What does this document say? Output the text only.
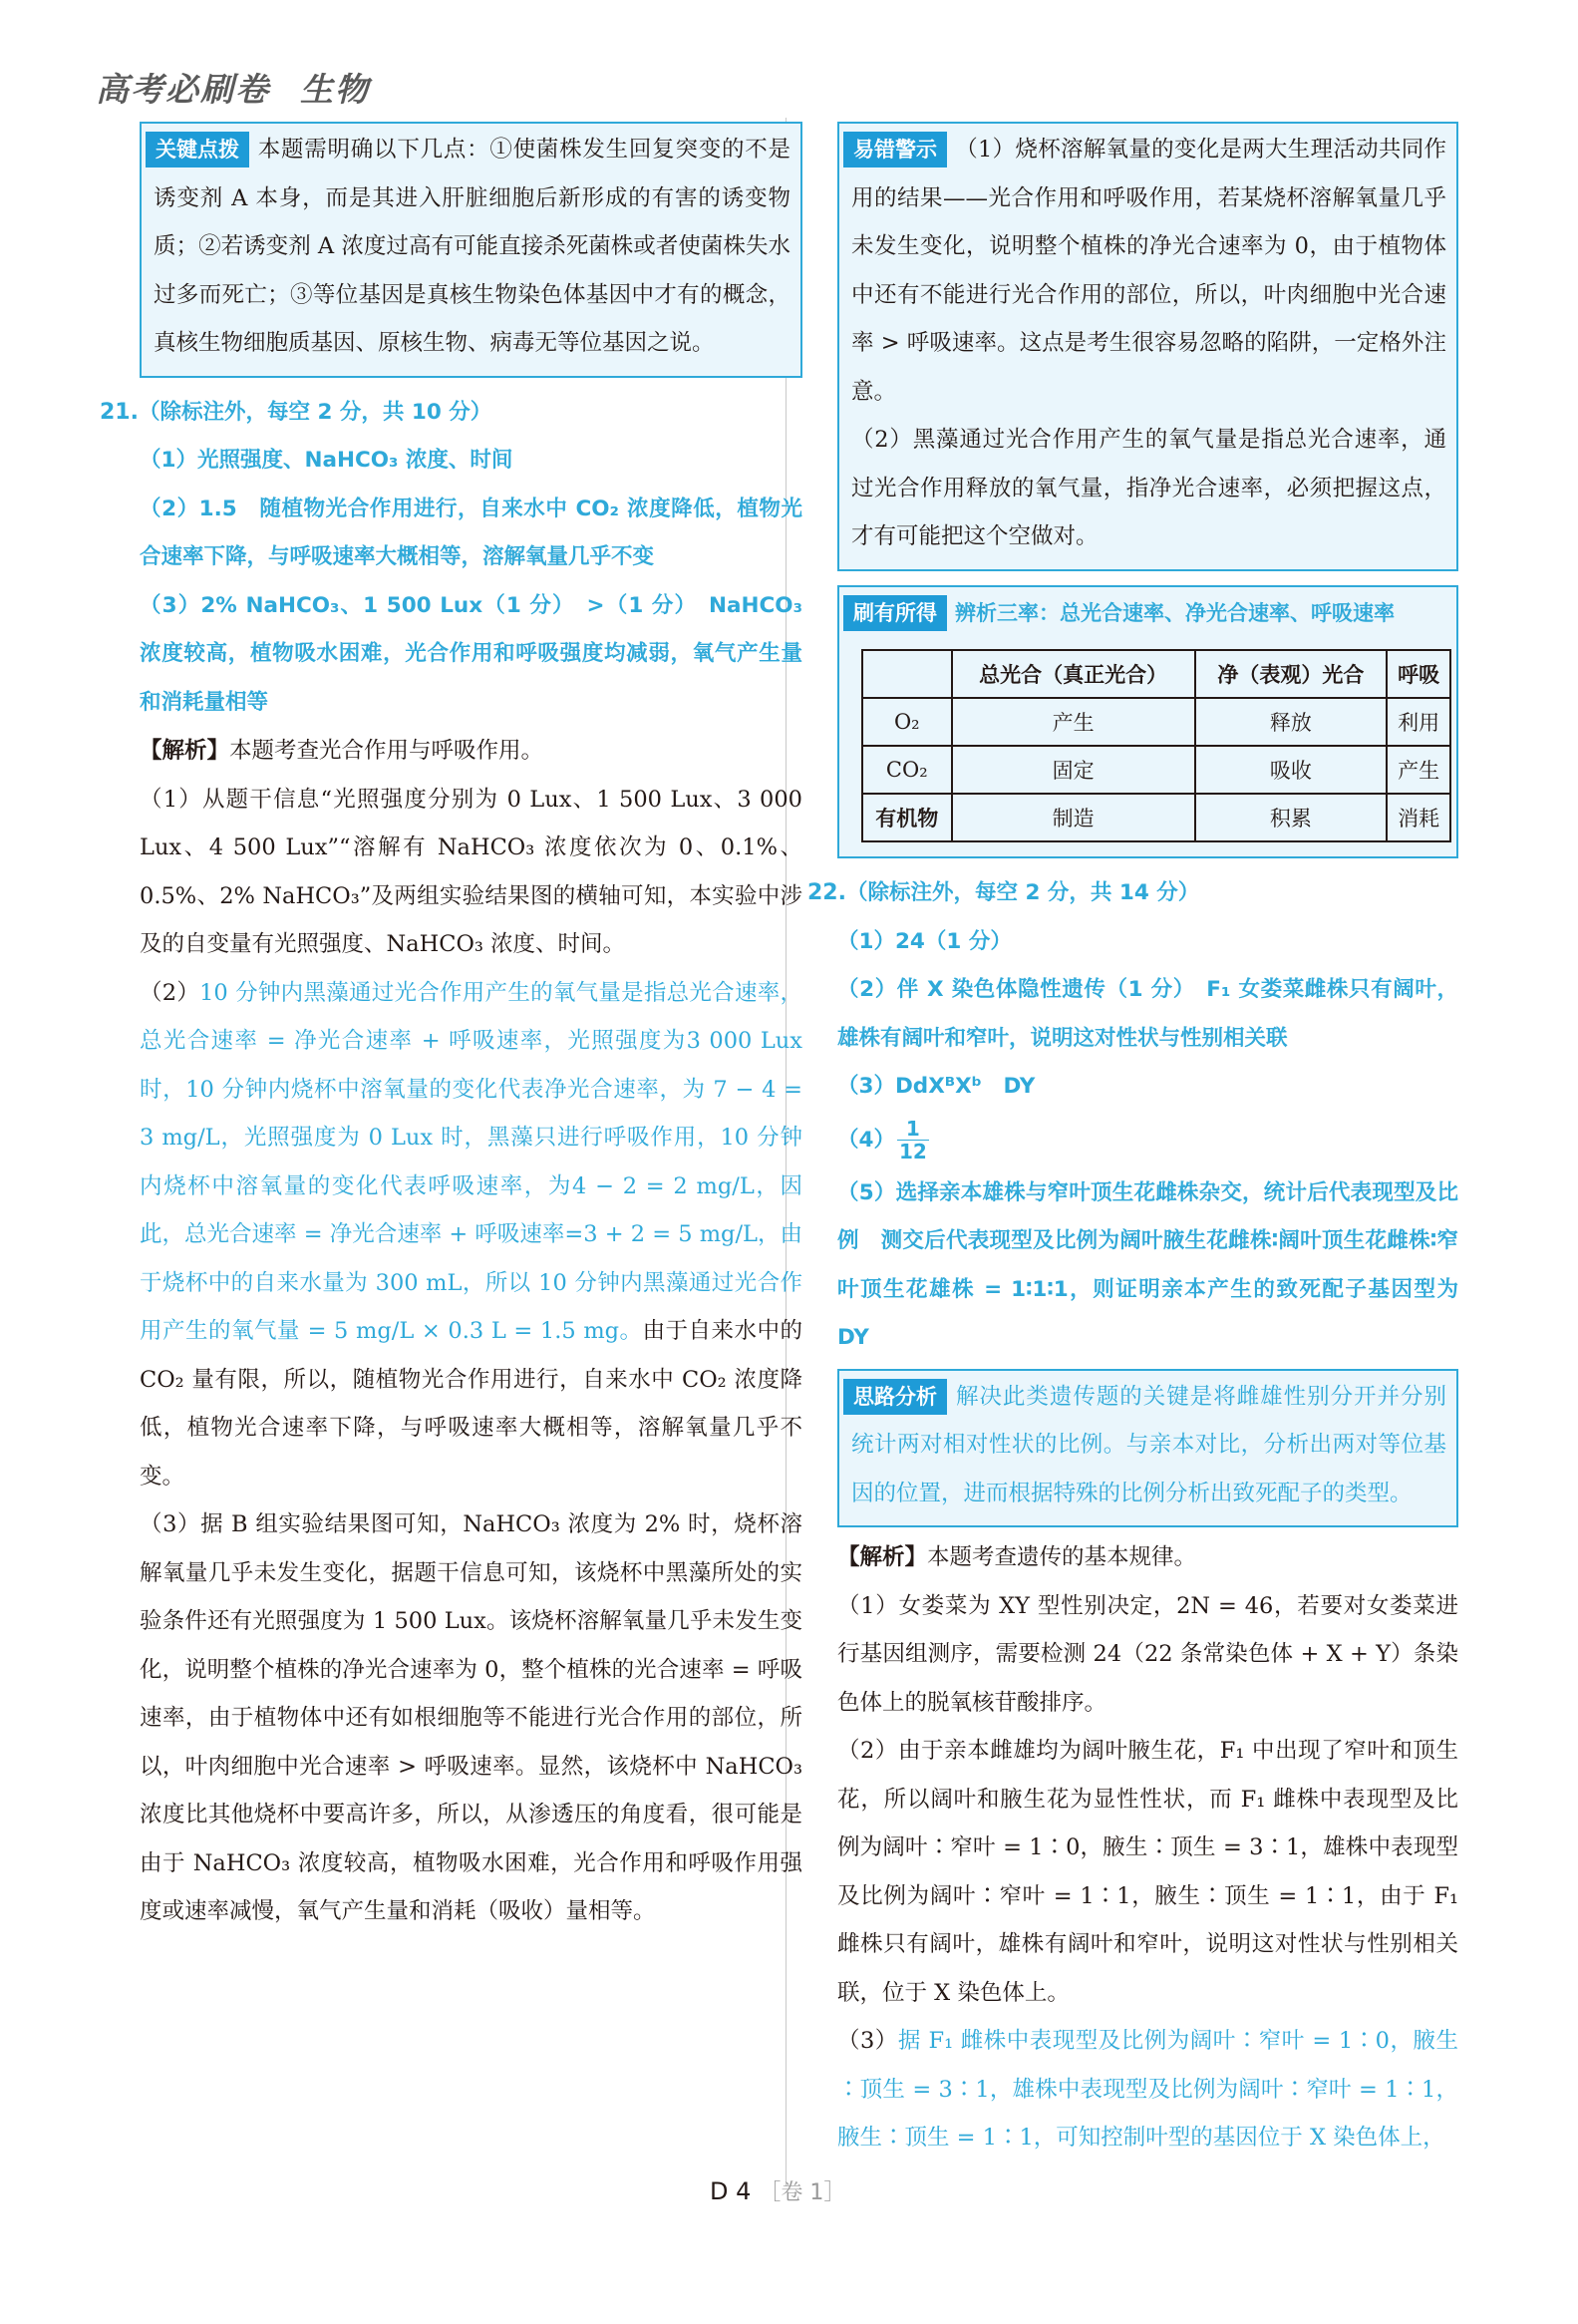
高考必刷卷 生物

关键点拨 本题需明确以下几点：①使菌株发生回复突变的不是诱变剂 A 本身，而是其进入肝脏细胞后新形成的有害的诱变物质；②若诱变剂 A 浓度过高有可能直接杀死菌株或者使菌株失水过多而死亡；③等位基因是真核生物染色体基因中才有的概念，真核生物细胞质基因、原核生物、病毒无等位基因之说。

21.（除标注外，每空 2 分，共 10 分）

（1）光照强度、NaHCO₃ 浓度、时间

（2）1.5　随植物光合作用进行，自来水中 CO₂ 浓度降低，植物光合速率下降，与呼吸速率大概相等，溶解氧量几乎不变

（3）2% NaHCO₃、1 500 Lux（1 分）　>（1 分）　NaHCO₃ 浓度较高，植物吸水困难，光合作用和呼吸强度均减弱，氧气产生量和消耗量相等

【解析】本题考查光合作用与呼吸作用。

（1）从题干信息“光照强度分别为 0 Lux、1 500 Lux、3 000 Lux、4 500 Lux”“溶解有 NaHCO₃ 浓度依次为 0、0.1%、0.5%、2% NaHCO₃”及两组实验结果图的横轴可知，本实验中涉及的自变量有光照强度、NaHCO₃ 浓度、时间。

（2）10 分钟内黑藻通过光合作用产生的氧气量是指总光合速率，总光合速率 = 净光合速率 + 呼吸速率，光照强度为3 000 Lux时，10 分钟内烧杯中溶氧量的变化代表净光合速率，为 7 − 4 = 3 mg/L，光照强度为 0 Lux 时，黑藻只进行呼吸作用，10 分钟内烧杯中溶氧量的变化代表呼吸速率，为4 − 2 = 2 mg/L，因此，总光合速率 = 净光合速率 + 呼吸速率=3 + 2 = 5 mg/L，由于烧杯中的自来水量为 300 mL，所以 10 分钟内黑藻通过光合作用产生的氧气量 = 5 mg/L × 0.3 L = 1.5 mg。由于自来水中的 CO₂ 量有限，所以，随植物光合作用进行，自来水中 CO₂ 浓度降低，植物光合速率下降，与呼吸速率大概相等，溶解氧量几乎不变。

（3）据 B 组实验结果图可知，NaHCO₃ 浓度为 2% 时，烧杯溶解氧量几乎未发生变化，据题干信息可知，该烧杯中黑藻所处的实验条件还有光照强度为 1 500 Lux。该烧杯溶解氧量几乎未发生变化，说明整个植株的净光合速率为 0，整个植株的光合速率 = 呼吸速率，由于植物体中还有如根细胞等不能进行光合作用的部位，所以，叶肉细胞中光合速率 > 呼吸速率。显然，该烧杯中 NaHCO₃ 浓度比其他烧杯中要高许多，所以，从渗透压的角度看，很可能是由于 NaHCO₃ 浓度较高，植物吸水困难，光合作用和呼吸作用强度或速率减慢，氧气产生量和消耗（吸收）量相等。

易错警示 （1）烧杯溶解氧量的变化是两大生理活动共同作用的结果——光合作用和呼吸作用，若某烧杯溶解氧量几乎未发生变化，说明整个植株的净光合速率为 0，由于植物体中还有不能进行光合作用的部位，所以，叶肉细胞中光合速率 > 呼吸速率。这点是考生很容易忽略的陷阱，一定格外注意。

（2）黑藻通过光合作用产生的氧气量是指总光合速率，通过光合作用释放的氧气量，指净光合速率，必须把握这点，才有可能把这个空做对。

刷有所得 辨析三率：总光合速率、净光合速率、呼吸速率

	总光合（真正光合）	净（表观）光合	呼吸
O₂	产生	释放	利用
CO₂	固定	吸收	产生
有机物	制造	积累	消耗

22.（除标注外，每空 2 分，共 14 分）

（1）24（1 分）

（2）伴 X 染色体隐性遗传（1 分）　F₁ 女娄菜雌株只有阔叶，雄株有阔叶和窄叶，说明这对性状与性别相关联

（3）DdXᴮXᵇ　DY

$(4) \frac{1}{12}$

（5）选择亲本雄株与窄叶顶生花雌株杂交，统计后代表现型及比例　测交后代表现型及比例为阔叶腋生花雌株∶阔叶顶生花雌株∶窄叶顶生花雄株 = 1∶1∶1，则证明亲本产生的致死配子基因型为 DY

思路分析 解决此类遗传题的关键是将雌雄性别分开并分别统计两对相对性状的比例。与亲本对比，分析出两对等位基因的位置，进而根据特殊的比例分析出致死配子的类型。

【解析】本题考查遗传的基本规律。

（1）女娄菜为 XY 型性别决定，2N = 46，若要对女娄菜进行基因组测序，需要检测 24（22 条常染色体 + X + Y）条染色体上的脱氧核苷酸排序。

（2）由于亲本雌雄均为阔叶腋生花，F₁ 中出现了窄叶和顶生花，所以阔叶和腋生花为显性性状，而 F₁ 雌株中表现型及比例为阔叶∶窄叶 = 1∶0，腋生∶顶生 = 3∶1，雄株中表现型及比例为阔叶∶窄叶 = 1∶1，腋生∶顶生 = 1∶1，由于 F₁ 雌株只有阔叶，雄株有阔叶和窄叶，说明这对性状与性别相关联，位于 X 染色体上。

（3）据 F₁ 雌株中表现型及比例为阔叶∶窄叶 = 1∶0，腋生∶顶生 = 3∶1，雄株中表现型及比例为阔叶∶窄叶 = 1∶1，腋生∶顶生 = 1∶1，可知控制叶型的基因位于 X 染色体上，

D 4 ［卷 1］
